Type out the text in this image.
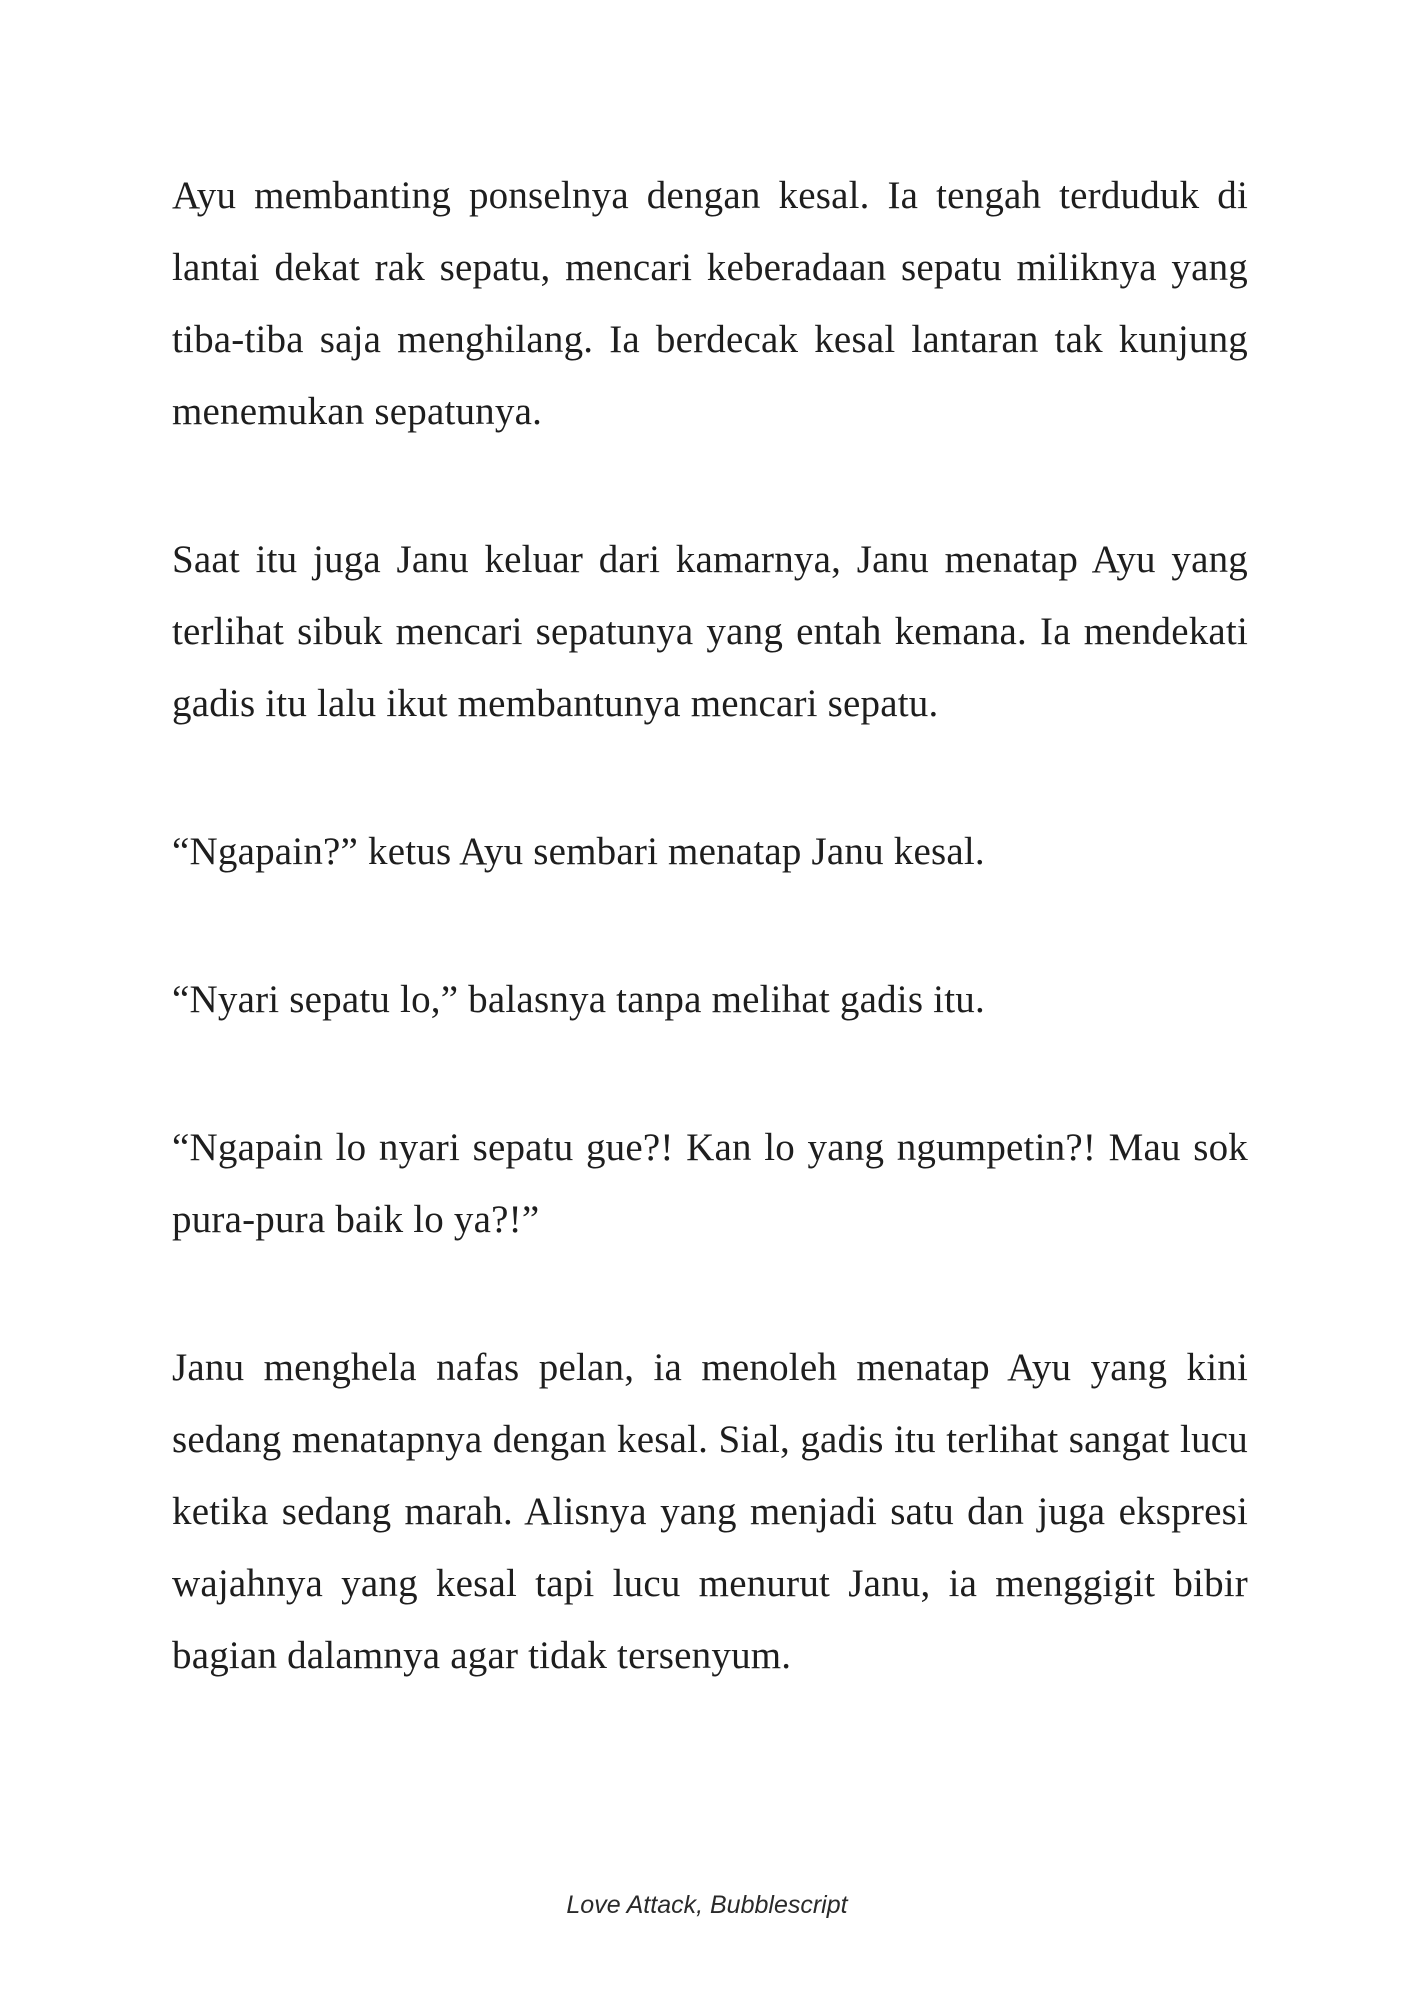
Ayu membanting ponselnya dengan kesal. Ia tengah terduduk di lantai dekat rak sepatu, mencari keberadaan sepatu miliknya yang tiba-tiba saja menghilang. Ia berdecak kesal lantaran tak kunjung menemukan sepatunya.

Saat itu juga Janu keluar dari kamarnya, Janu menatap Ayu yang terlihat sibuk mencari sepatunya yang entah kemana. Ia mendekati gadis itu lalu ikut membantunya mencari sepatu.

“Ngapain?” ketus Ayu sembari menatap Janu kesal.

“Nyari sepatu lo,” balasnya tanpa melihat gadis itu.

“Ngapain lo nyari sepatu gue?! Kan lo yang ngumpetin?! Mau sok pura-pura baik lo ya?!”

Janu menghela nafas pelan, ia menoleh menatap Ayu yang kini sedang menatapnya dengan kesal. Sial, gadis itu terlihat sangat lucu ketika sedang marah. Alisnya yang menjadi satu dan juga ekspresi wajahnya yang kesal tapi lucu menurut Janu, ia menggigit bibir bagian dalamnya agar tidak tersenyum.

Love Attack, Bubblescript
